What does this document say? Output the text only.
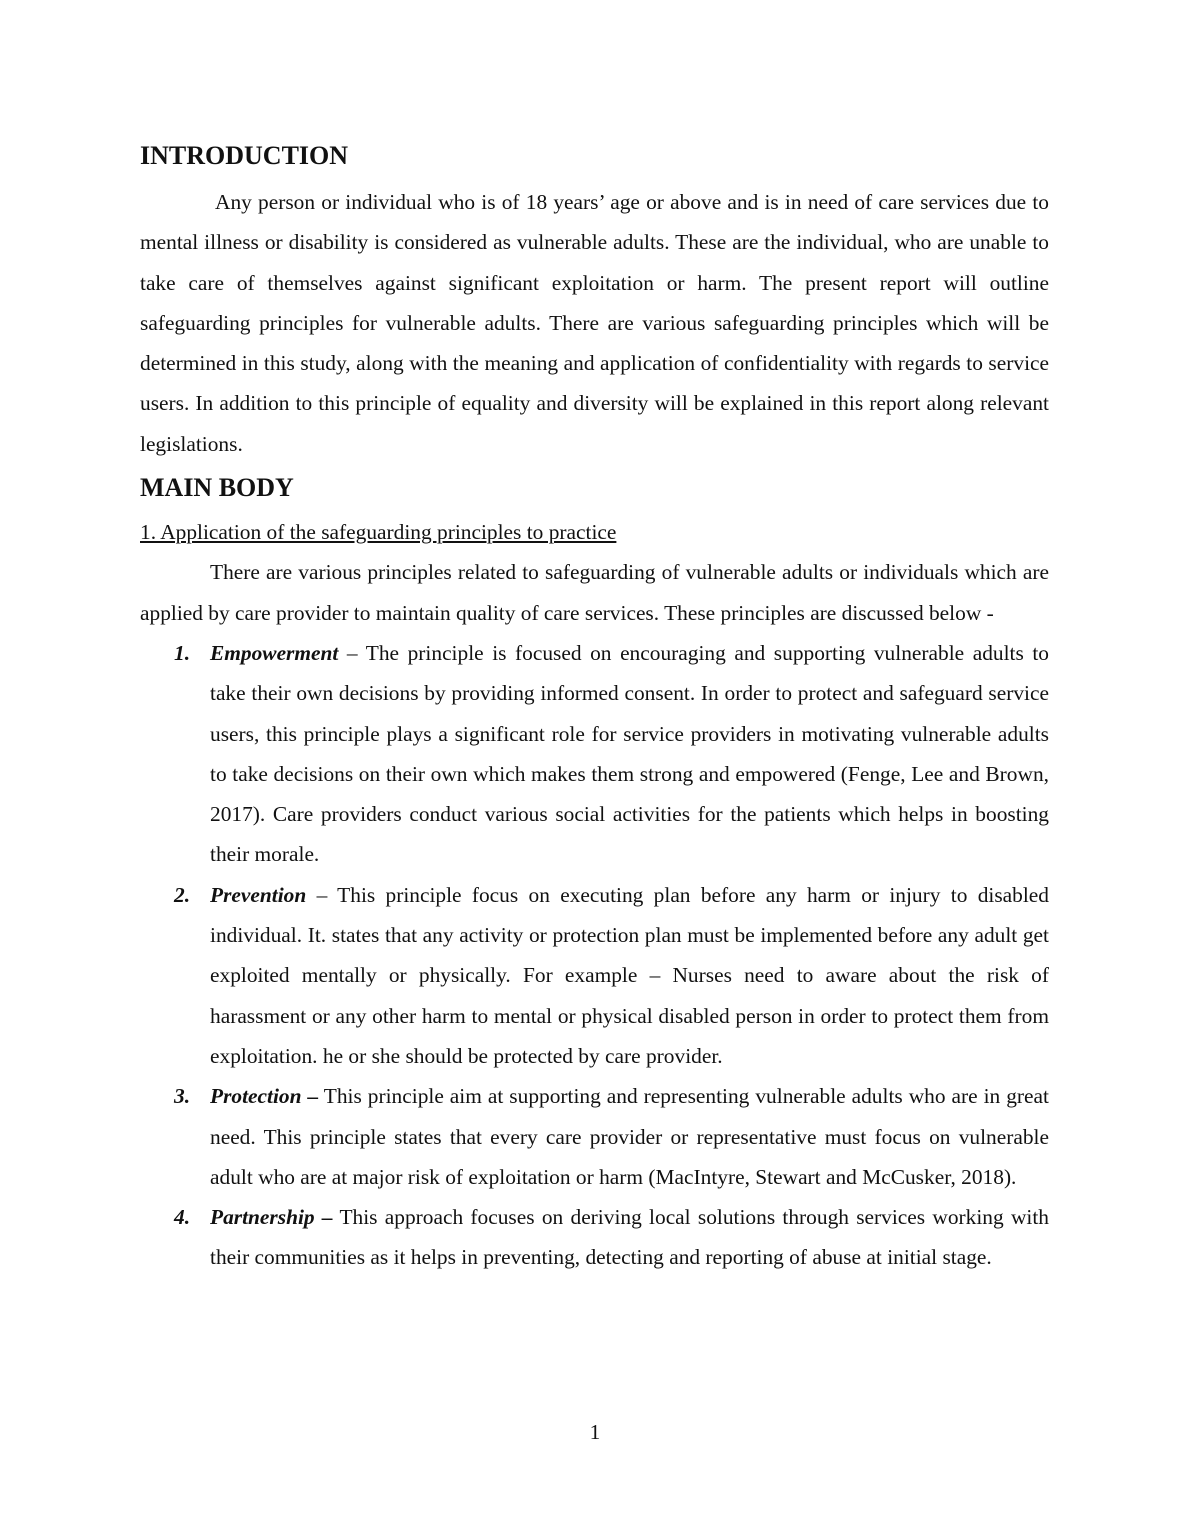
INTRODUCTION

Any person or individual who is of 18 years’ age or above and is in need of care services due to mental illness or disability is considered as vulnerable adults. These are the individual, who are unable to take care of themselves against significant exploitation or harm. The present report will outline safeguarding principles for vulnerable adults. There are various safeguarding principles which will be determined in this study, along with the meaning and application of confidentiality with regards to service users. In addition to this principle of equality and diversity will be explained in this report along relevant legislations.

MAIN BODY

1. Application of the safeguarding principles to practice

There are various principles related to safeguarding of vulnerable adults or individuals which are applied by care provider to maintain quality of care services. These principles are discussed below -

1. Empowerment – The principle is focused on encouraging and supporting vulnerable adults to take their own decisions by providing informed consent. In order to protect and safeguard service users, this principle plays a significant role for service providers in motivating vulnerable adults to take decisions on their own which makes them strong and empowered (Fenge, Lee and Brown, 2017). Care providers conduct various social activities for the patients which helps in boosting their morale.
2. Prevention – This principle focus on executing plan before any harm or injury to disabled individual. It. states that any activity or protection plan must be implemented before any adult get exploited mentally or physically. For example – Nurses need to aware about the risk of harassment or any other harm to mental or physical disabled person in order to protect them from exploitation. he or she should be protected by care provider.
3. Protection – This principle aim at supporting and representing vulnerable adults who are in great need. This principle states that every care provider or representative must focus on vulnerable adult who are at major risk of exploitation or harm (MacIntyre, Stewart and McCusker, 2018).
4. Partnership – This approach focuses on deriving local solutions through services working with their communities as it helps in preventing, detecting and reporting of abuse at initial stage.
1
